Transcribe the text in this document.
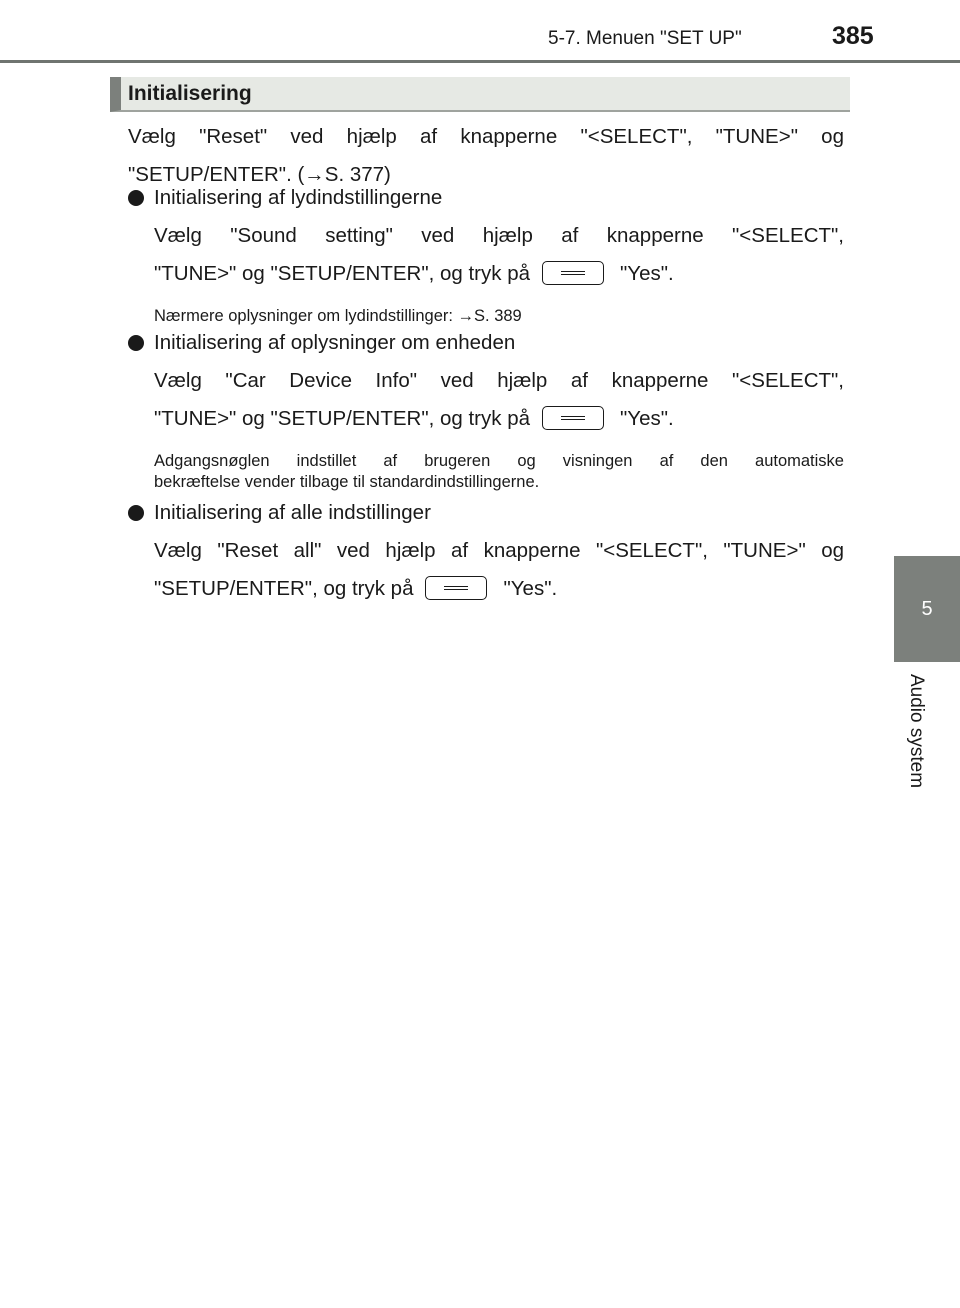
5-7. Menuen "SET UP"	385
5
Audio system
Initialisering
Vælg "Reset" ved hjælp af knapperne "<SELECT", "TUNE>" og
"SETUP/ENTER". (→S. 377)
Initialisering af lydindstillingerne
Vælg "Sound setting" ved hjælp af knapperne "<SELECT",
"TUNE>" og "SETUP/ENTER", og tryk på	"Yes".
Nærmere oplysninger om lydindstillinger: →S. 389
Initialisering af oplysninger om enheden
Vælg "Car Device Info" ved hjælp af knapperne "<SELECT",
"TUNE>" og "SETUP/ENTER", og tryk på	"Yes".
Adgangsnøglen indstillet af brugeren og visningen af den automatiske
bekræftelse vender tilbage til standardindstillingerne.
Initialisering af alle indstillinger
Vælg "Reset all" ved hjælp af knapperne "<SELECT", "TUNE>" og
"SETUP/ENTER", og tryk på	"Yes".
